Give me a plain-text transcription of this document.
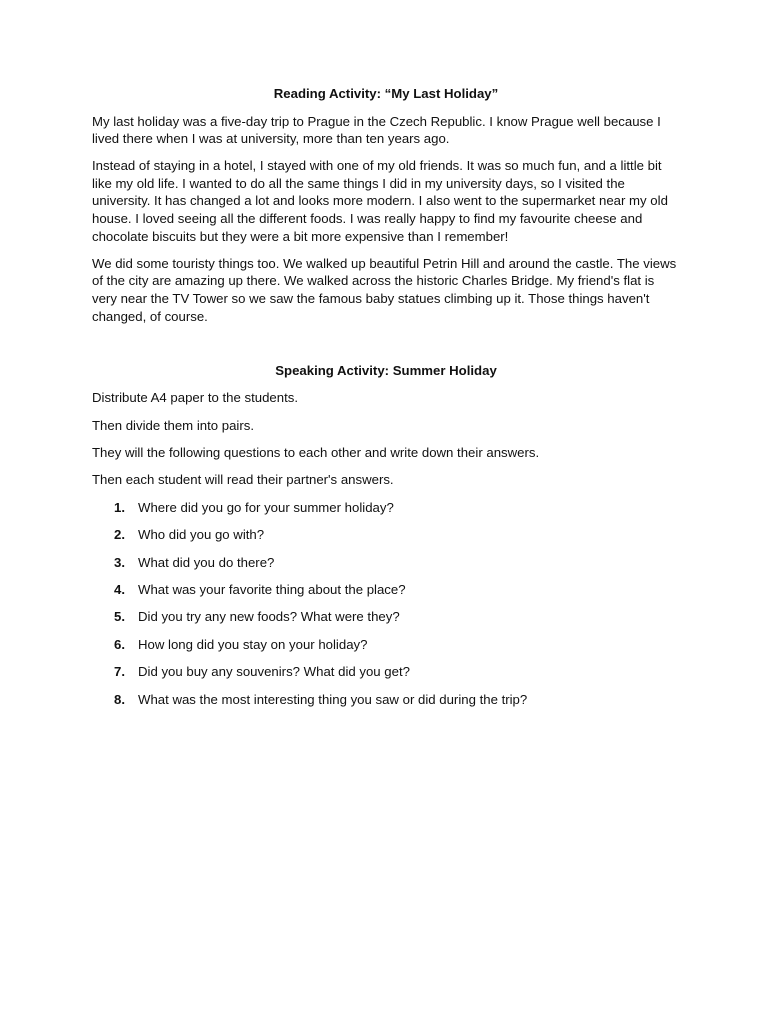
Reading Activity: “My Last Holiday”

My last holiday was a five-day trip to Prague in the Czech Republic. I know Prague well because I lived there when I was at university, more than ten years ago.

Instead of staying in a hotel, I stayed with one of my old friends. It was so much fun, and a little bit like my old life. I wanted to do all the same things I did in my university days, so I visited the university. It has changed a lot and looks more modern. I also went to the supermarket near my old house. I loved seeing all the different foods. I was really happy to find my favourite cheese and chocolate biscuits but they were a bit more expensive than I remember!

We did some touristy things too. We walked up beautiful Petrin Hill and around the castle. The views of the city are amazing up there. We walked across the historic Charles Bridge. My friend's flat is very near the TV Tower so we saw the famous baby statues climbing up it. Those things haven't changed, of course.

Speaking Activity: Summer Holiday

Distribute A4 paper to the students.

Then divide them into pairs.

They will the following questions to each other and write down their answers.

Then each student will read their partner's answers.

1. Where did you go for your summer holiday?
2. Who did you go with?
3. What did you do there?
4. What was your favorite thing about the place?
5. Did you try any new foods? What were they?
6. How long did you stay on your holiday?
7. Did you buy any souvenirs? What did you get?
8. What was the most interesting thing you saw or did during the trip?
